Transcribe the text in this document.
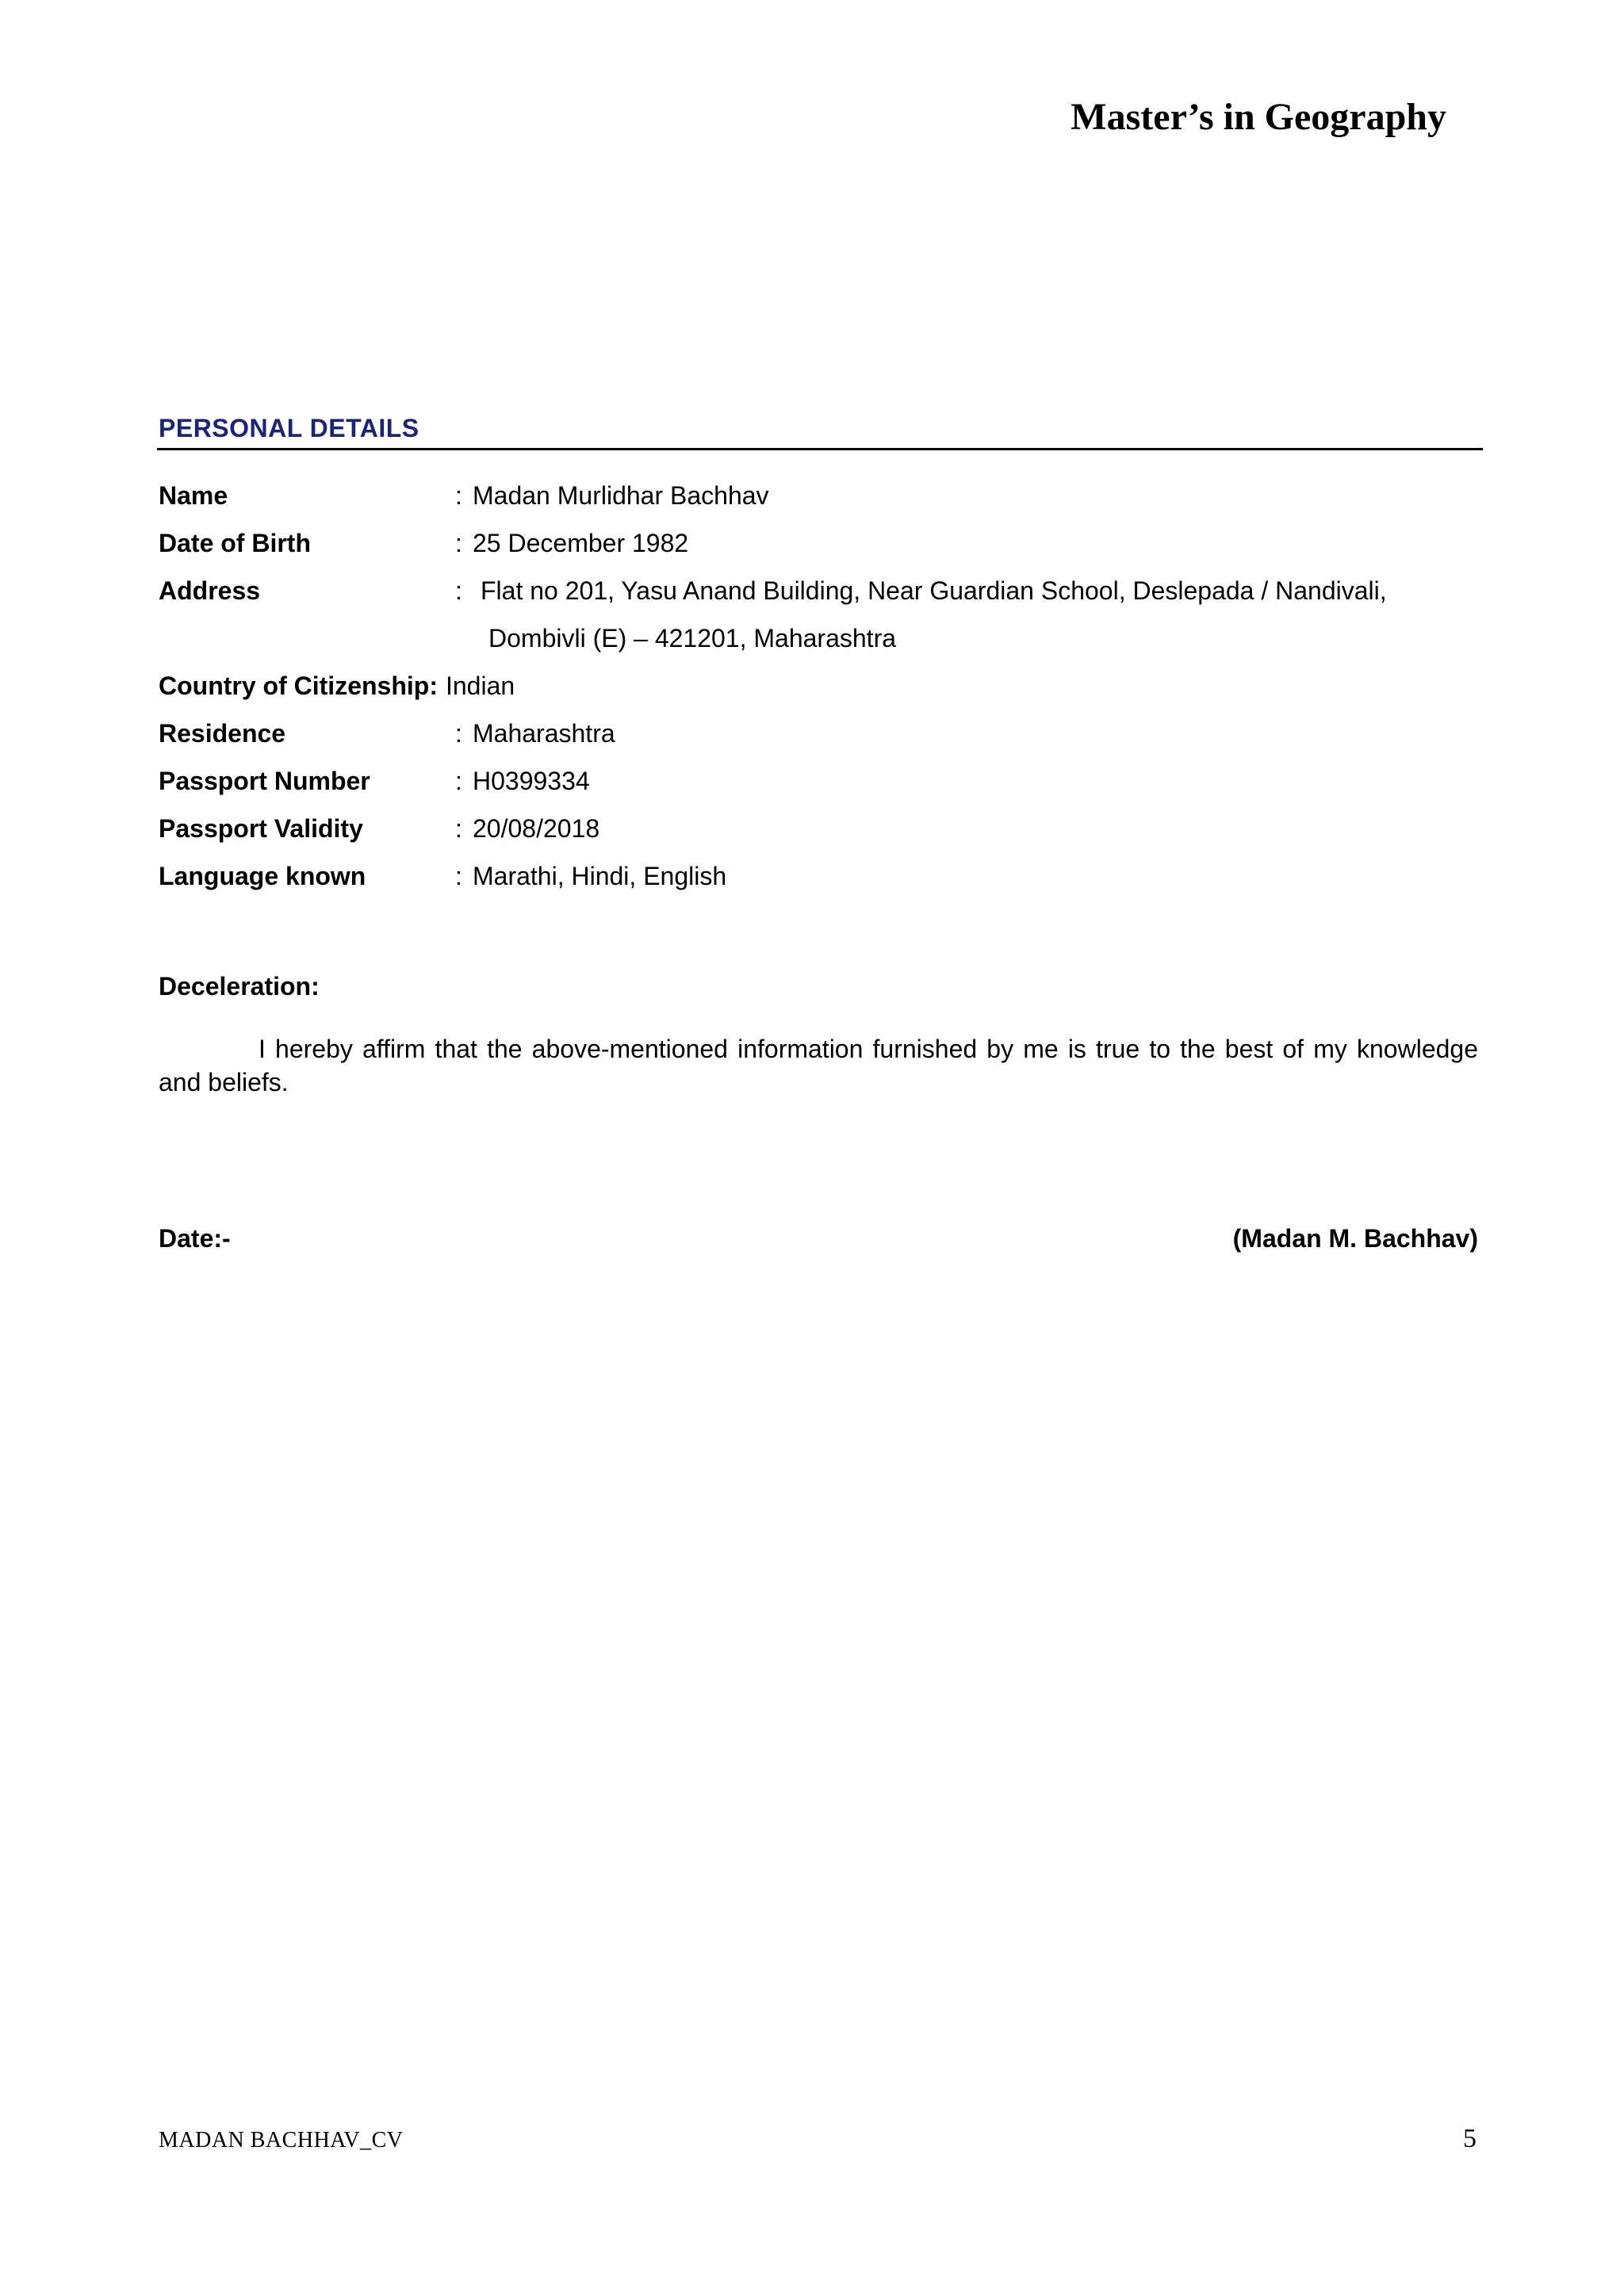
Master’s in Geography
PERSONAL DETAILS
Name	: Madan Murlidhar Bachhav
Date of Birth	: 25 December 1982
Address	: Flat no 201, Yasu Anand Building, Near Guardian School, Deslepada / Nandivali,
Dombivli (E) – 421201, Maharashtra
Country of Citizenship: Indian
Residence	: Maharashtra
Passport Number	: H0399334
Passport Validity	: 20/08/2018
Language known	: Marathi, Hindi, English
Deceleration:
I hereby affirm that the above-mentioned information furnished by me is true to the best of my knowledge and beliefs.
Date:-	(Madan M. Bachhav)
MADAN BACHHAV_CV	5
